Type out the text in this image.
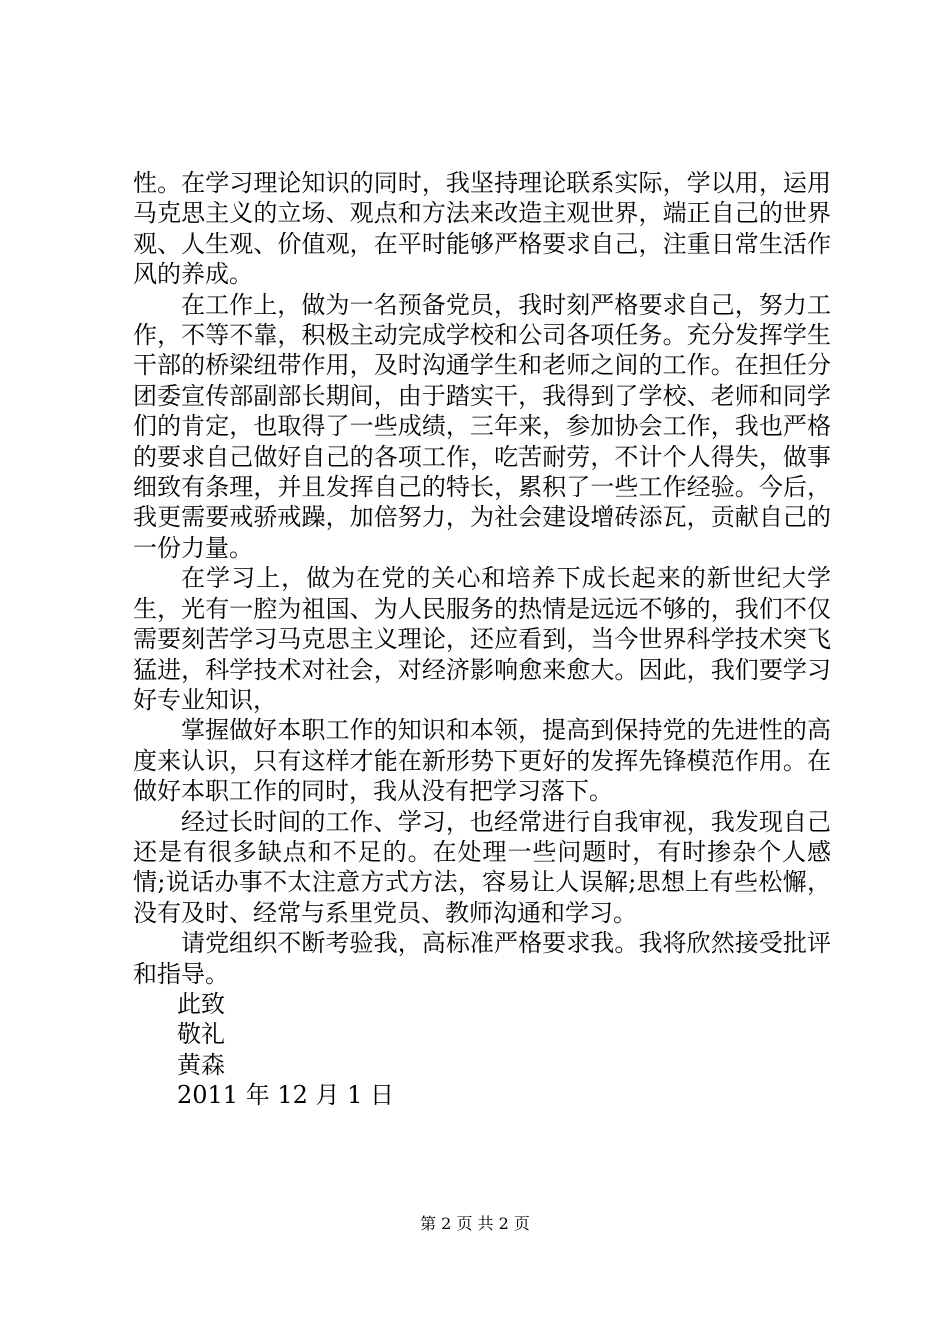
性。在学习理论知识的同时，我坚持理论联系实际，学以用，运用马克思主义的立场、观点和方法来改造主观世界，端正自己的世界观、人生观、价值观，在平时能够严格要求自己，注重日常生活作风的养成。

在工作上，做为一名预备党员，我时刻严格要求自己，努力工作，不等不靠，积极主动完成学校和公司各项任务。充分发挥学生干部的桥梁纽带作用，及时沟通学生和老师之间的工作。在担任分团委宣传部副部长期间，由于踏实干，我得到了学校、老师和同学们的肯定，也取得了一些成绩，三年来，参加协会工作，我也严格的要求自己做好自己的各项工作，吃苦耐劳，不计个人得失，做事细致有条理，并且发挥自己的特长，累积了一些工作经验。今后，我更需要戒骄戒躁，加倍努力，为社会建设增砖添瓦，贡献自己的一份力量。

在学习上，做为在党的关心和培养下成长起来的新世纪大学生，光有一腔为祖国、为人民服务的热情是远远不够的，我们不仅需要刻苦学习马克思主义理论，还应看到，当今世界科学技术突飞猛进，科学技术对社会，对经济影响愈来愈大。因此，我们要学习好专业知识，

掌握做好本职工作的知识和本领，提高到保持党的先进性的高度来认识，只有这样才能在新形势下更好的发挥先锋模范作用。在做好本职工作的同时，我从没有把学习落下。

经过长时间的工作、学习，也经常进行自我审视，我发现自己还是有很多缺点和不足的。在处理一些问题时，有时掺杂个人感情;说话办事不太注意方式方法，容易让人误解;思想上有些松懈，没有及时、经常与系里党员、教师沟通和学习。

请党组织不断考验我，高标准严格要求我。我将欣然接受批评和指导。

此致

敬礼

黄森

2011 年 12 月 1 日

第 2 页 共 2 页
